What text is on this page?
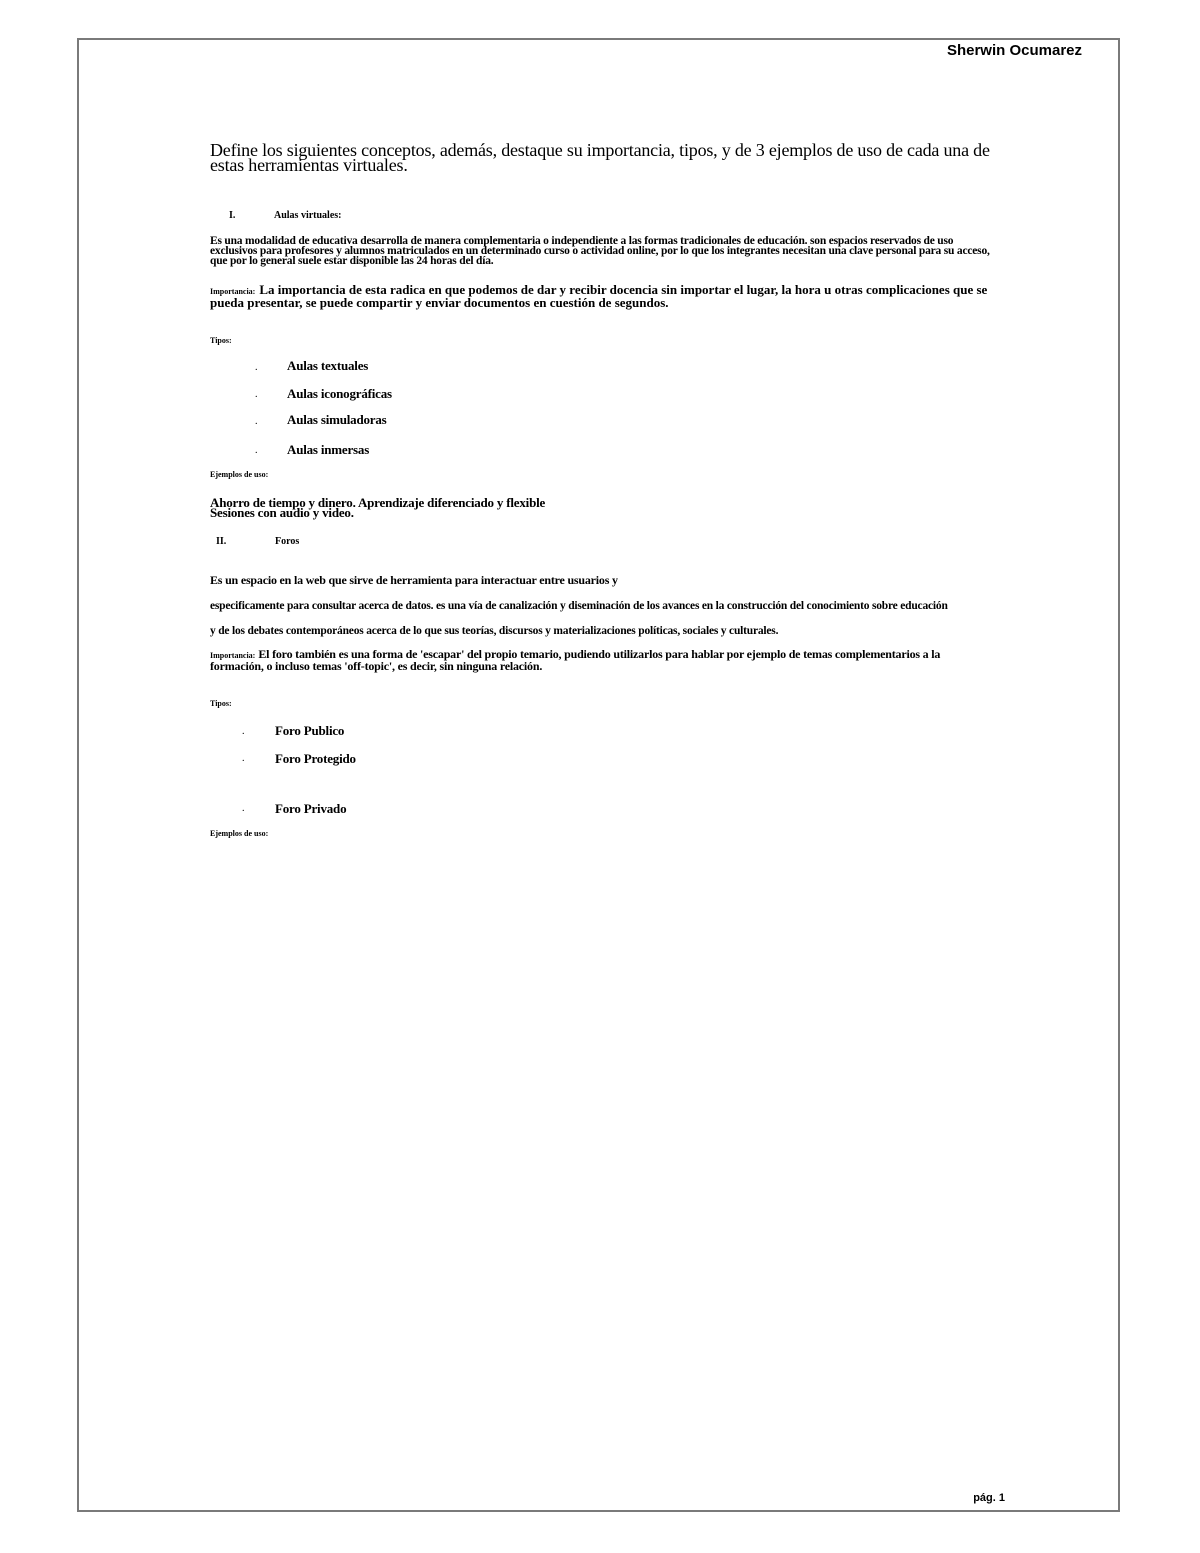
Sherwin Ocumarez
Define los siguientes conceptos, además, destaque su importancia, tipos, y de 3 ejemplos de uso de cada una de estas herramientas virtuales.
I.	Aulas virtuales:
Es una modalidad de educativa desarrolla de manera complementaria o independiente a las formas tradicionales de educación. son espacios reservados de uso exclusivos para profesores y alumnos matriculados en un determinado curso o actividad online, por lo que los integrantes necesitan una clave personal para su acceso, que por lo general suele estar disponible las 24 horas del día.
Importancia: La importancia de esta radica en que podemos de dar y recibir docencia sin importar el lugar, la hora u otras complicaciones que se pueda presentar, se puede compartir y enviar documentos en cuestión de segundos.
Tipos:
. Aulas textuales
. Aulas iconográficas
. Aulas simuladoras
. Aulas inmersas
Ejemplos de uso:
Ahorro de tiempo y dinero. Aprendizaje diferenciado y flexible Sesiones con audio y video.
II.	Foros
Es un espacio en la web que sirve de herramienta para interactuar entre usuarios y
especificamente para consultar acerca de datos. es una vía de canalización y diseminación de los avances en la construcción del conocimiento sobre educación
y de los debates contemporáneos acerca de lo que sus teorías, discursos y materializaciones políticas, sociales y culturales.
Importancia: El foro también es una forma de 'escapar' del propio temario, pudiendo utilizarlos para hablar por ejemplo de temas complementarios a la formación, o incluso temas 'off-topic', es decir, sin ninguna relación.
Tipos:
. Foro Publico
. Foro Protegido
. Foro Privado
Ejemplos de uso:
pág. 1
